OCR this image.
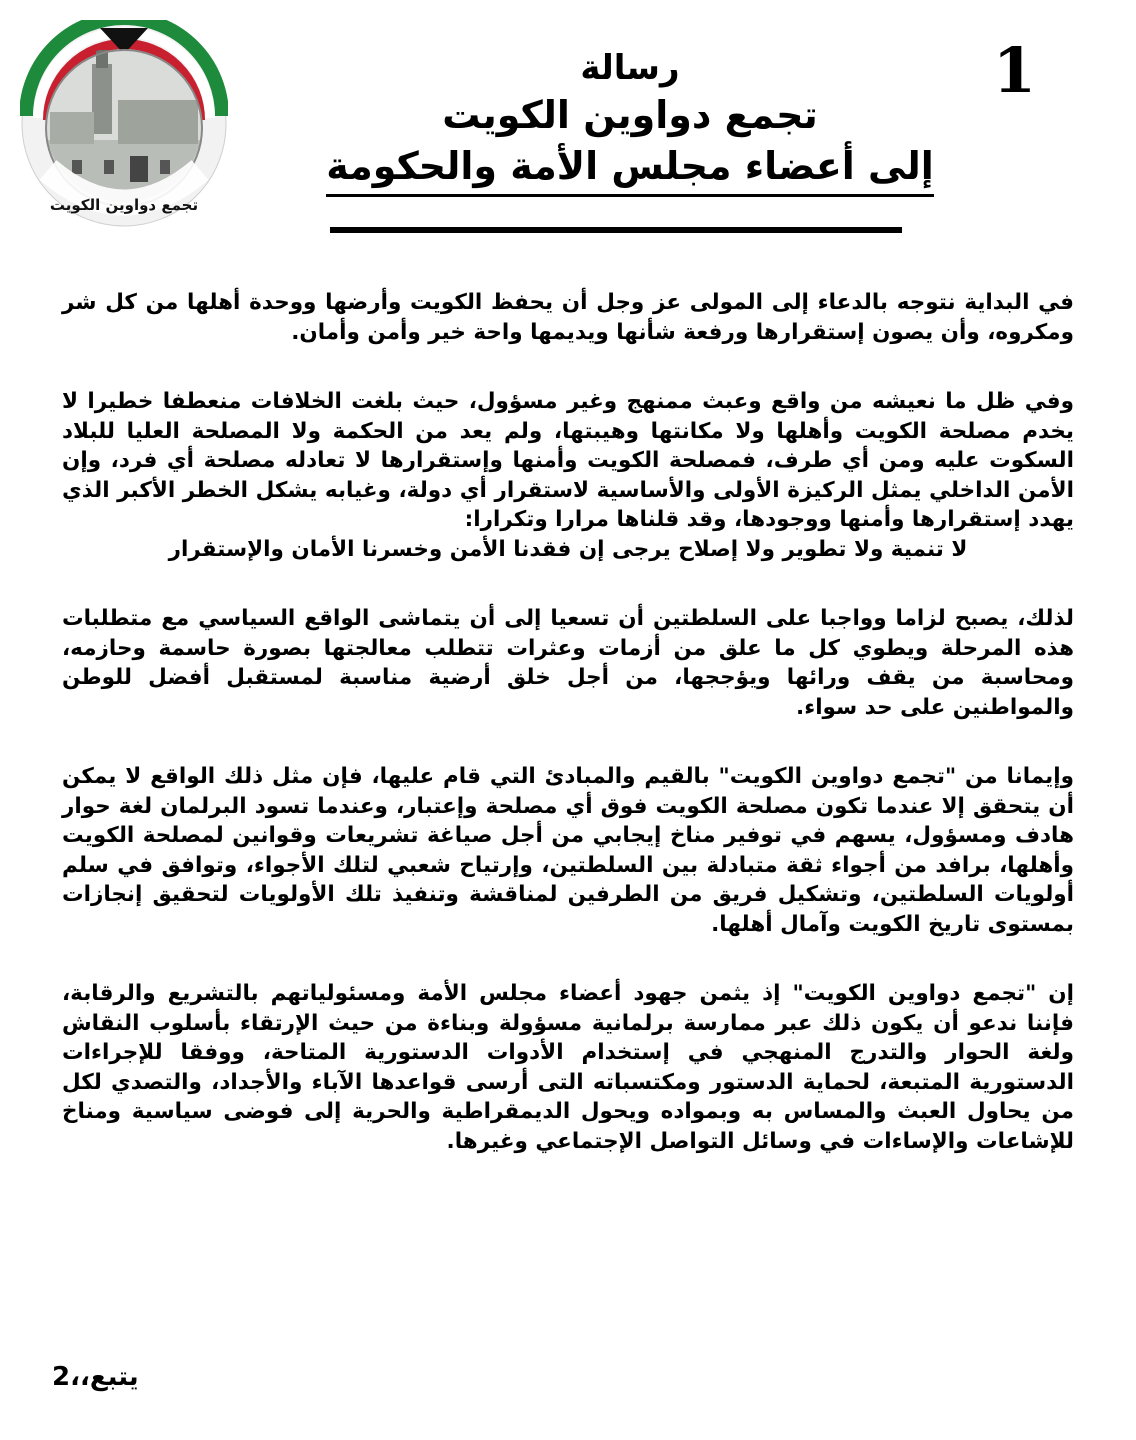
1
تجمع دواوين الكويت
رسالة
تجمع دواوين الكويت
إلى أعضاء مجلس الأمة والحكومة

في البداية نتوجه بالدعاء إلى المولى عز وجل أن يحفظ الكويت وأرضها ووحدة أهلها من كل شر ومكروه، وأن يصون إستقرارها ورفعة شأنها ويديمها واحة خير وأمن وأمان.

وفي ظل ما نعيشه من واقع وعبث ممنهج وغير مسؤول، حيث بلغت الخلافات منعطفا خطيرا لا يخدم مصلحة الكويت وأهلها ولا مكانتها وهيبتها، ولم يعد من الحكمة ولا المصلحة العليا للبلاد السكوت عليه ومن أي طرف، فمصلحة الكويت وأمنها وإستقرارها لا تعادله مصلحة أي فرد، وإن الأمن الداخلي يمثل الركيزة الأولى والأساسية لاستقرار أي دولة، وغيابه يشكل الخطر الأكبر الذي يهدد إستقرارها وأمنها ووجودها، وقد قلناها مرارا وتكرارا:

لا تنمية ولا تطوير ولا إصلاح يرجى إن فقدنا الأمن وخسرنا الأمان والإستقرار

لذلك، يصبح لزاما وواجبا على السلطتين أن تسعيا إلى أن يتماشى الواقع السياسي مع متطلبات هذه المرحلة ويطوي كل ما علق من أزمات وعثرات تتطلب معالجتها بصورة حاسمة وحازمه، ومحاسبة من يقف ورائها ويؤججها، من أجل خلق أرضية مناسبة لمستقبل أفضل للوطن والمواطنين على حد سواء.

وإيمانا من "تجمع دواوين الكويت" بالقيم والمبادئ التي قام عليها، فإن مثل ذلك الواقع لا يمكن أن يتحقق إلا عندما تكون مصلحة الكويت فوق أي مصلحة وإعتبار، وعندما تسود البرلمان لغة حوار هادف ومسؤول، يسهم في توفير مناخ إيجابي من أجل صياغة تشريعات وقوانين لمصلحة الكويت وأهلها، برافد من أجواء ثقة متبادلة بين السلطتين، وإرتياح شعبي لتلك الأجواء، وتوافق في سلم أولويات السلطتين، وتشكيل فريق من الطرفين لمناقشة وتنفيذ تلك الأولويات لتحقيق إنجازات بمستوى تاريخ الكويت وآمال أهلها.

إن "تجمع دواوين الكويت" إذ يثمن جهود أعضاء مجلس الأمة ومسئولياتهم بالتشريع والرقابة، فإننا ندعو أن يكون ذلك عبر ممارسة برلمانية مسؤولة وبناءة من حيث الإرتقاء بأسلوب النقاش ولغة الحوار والتدرج المنهجي في إستخدام الأدوات الدستورية المتاحة، ووفقا للإجراءات الدستورية المتبعة، لحماية الدستور ومكتسباته التى أرسى قواعدها الآباء والأجداد، والتصدي لكل من يحاول العبث والمساس به وبمواده ويحول الديمقراطية والحرية إلى فوضى سياسية ومناخ للإشاعات والإساءات في وسائل التواصل الإجتماعي وغيرها.

يتبع،،2
